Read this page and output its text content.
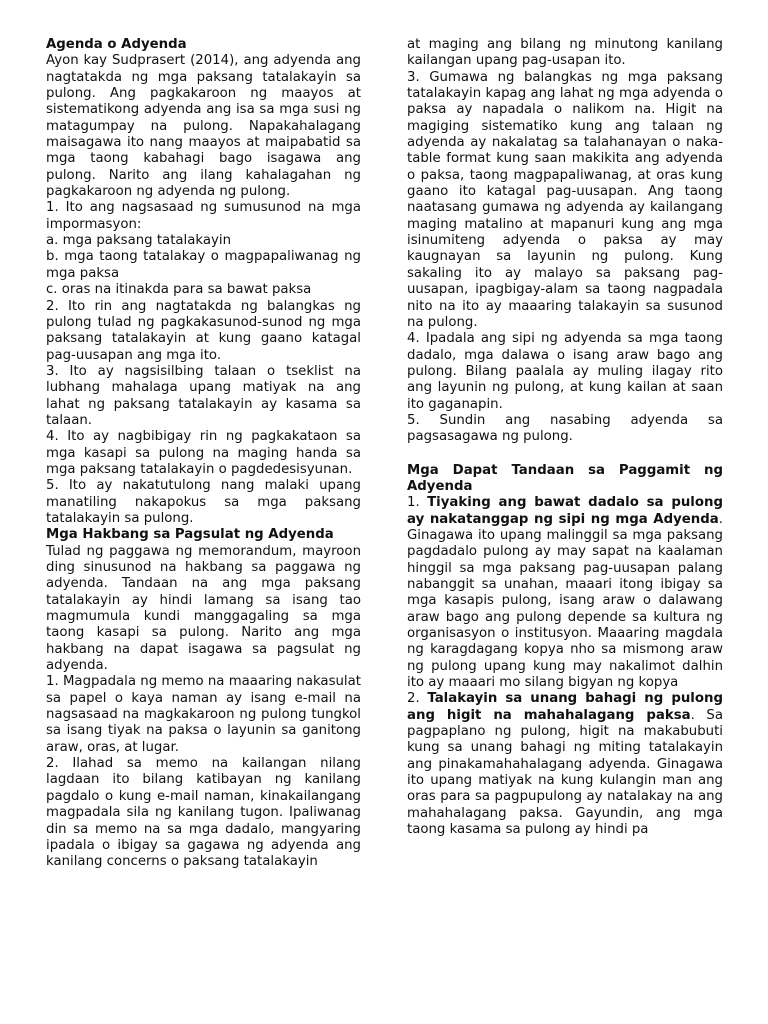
Agenda o Adyenda

Ayon kay Sudprasert (2014), ang adyenda ang nagtatakda ng mga paksang tatalakayin sa pulong. Ang pagkakaroon ng maayos at sistematikong adyenda ang isa sa mga susi ng matagumpay na pulong. Napakahalagang maisagawa ito nang maayos at maipabatid sa mga taong kabahagi bago isagawa ang pulong. Narito ang ilang kahalagahan ng pagkakaroon ng adyenda ng pulong.

1. Ito ang nagsasaad ng sumusunod na mga impormasyon:

a. mga paksang tatalakayin

b. mga taong tatalakay o magpapaliwanag ng mga paksa

c. oras na itinakda para sa bawat paksa

2. Ito rin ang nagtatakda ng balangkas ng pulong tulad ng pagkakasunod-sunod ng mga paksang tatalakayin at kung gaano katagal pag-uusapan ang mga ito.

3. Ito ay nagsisilbing talaan o tseklist na lubhang mahalaga upang matiyak na ang lahat ng paksang tatalakayin ay kasama sa talaan.

4. Ito ay nagbibigay rin ng pagkakataon sa mga kasapi sa pulong na maging handa sa mga paksang tatalakayin o pagdedesisyunan.

5. Ito ay nakatutulong nang malaki upang manatiling nakapokus sa mga paksang tatalakayin sa pulong.

Mga Hakbang sa Pagsulat ng Adyenda

Tulad ng paggawa ng memorandum, mayroon ding sinusunod na hakbang sa paggawa ng adyenda. Tandaan na ang mga paksang tatalakayin ay hindi lamang sa isang tao magmumula kundi manggagaling sa mga taong kasapi sa pulong. Narito ang mga hakbang na dapat isagawa sa pagsulat ng adyenda.

1. Magpadala ng memo na maaaring nakasulat sa papel o kaya naman ay isang e-mail na nagsasaad na magkakaroon ng pulong tungkol sa isang tiyak na paksa o layunin sa ganitong araw, oras, at lugar.

2. Ilahad sa memo na kailangan nilang lagdaan ito bilang katibayan ng kanilang pagdalo o kung e-mail naman, kinakailangang magpadala sila ng kanilang tugon. Ipaliwanag din sa memo na sa mga dadalo, mangyaring ipadala o ibigay sa gagawa ng adyenda ang kanilang concerns o paksang tatalakayin

at maging ang bilang ng minutong kanilang kailangan upang pag-usapan ito.

3. Gumawa ng balangkas ng mga paksang tatalakayin kapag ang lahat ng mga adyenda o paksa ay napadala o nalikom na. Higit na magiging sistematiko kung ang talaan ng adyenda ay nakalatag sa talahanayan o naka-table format kung saan makikita ang adyenda o paksa, taong magpapaliwanag, at oras kung gaano ito katagal pag-uusapan. Ang taong naatasang gumawa ng adyenda ay kailangang maging matalino at mapanuri kung ang mga isinumiteng adyenda o paksa ay may kaugnayan sa layunin ng pulong. Kung sakaling ito ay malayo sa paksang pag-uusapan, ipagbigay-alam sa taong nagpadala nito na ito ay maaaring talakayin sa susunod na pulong.

4. Ipadala ang sipi ng adyenda sa mga taong dadalo, mga dalawa o isang araw bago ang pulong. Bilang paalala ay muling ilagay rito ang layunin ng pulong, at kung kailan at saan ito gaganapin.

5. Sundin ang nasabing adyenda sa pagsasagawa ng pulong.

Mga Dapat Tandaan sa Paggamit ng Adyenda

1. Tiyaking ang bawat dadalo sa pulong ay nakatanggap ng sipi ng mga Adyenda. Ginagawa ito upang malinggil sa mga paksang pagdadalo pulong ay may sapat na kaalaman hinggil sa mga paksang pag-uusapan palang nabanggit sa unahan, maaari itong ibigay sa mga kasapis pulong, isang araw o dalawang araw bago ang pulong depende sa kultura ng organisasyon o institusyon. Maaaring magdala ng karagdagang kopya nho sa mismong araw ng pulong upang kung may nakalimot dalhin ito ay maaari mo silang bigyan ng kopya

2. Talakayin sa unang bahagi ng pulong ang higit na mahahalagang paksa. Sa pagpaplano ng pulong, higit na makabubuti kung sa unang bahagi ng miting tatalakayin ang pinakamahahalagang adyenda. Ginagawa ito upang matiyak na kung kulangin man ang oras para sa pagpupulong ay natalakay na ang mahahalagang paksa. Gayundin, ang mga taong kasama sa pulong ay hindi pa
